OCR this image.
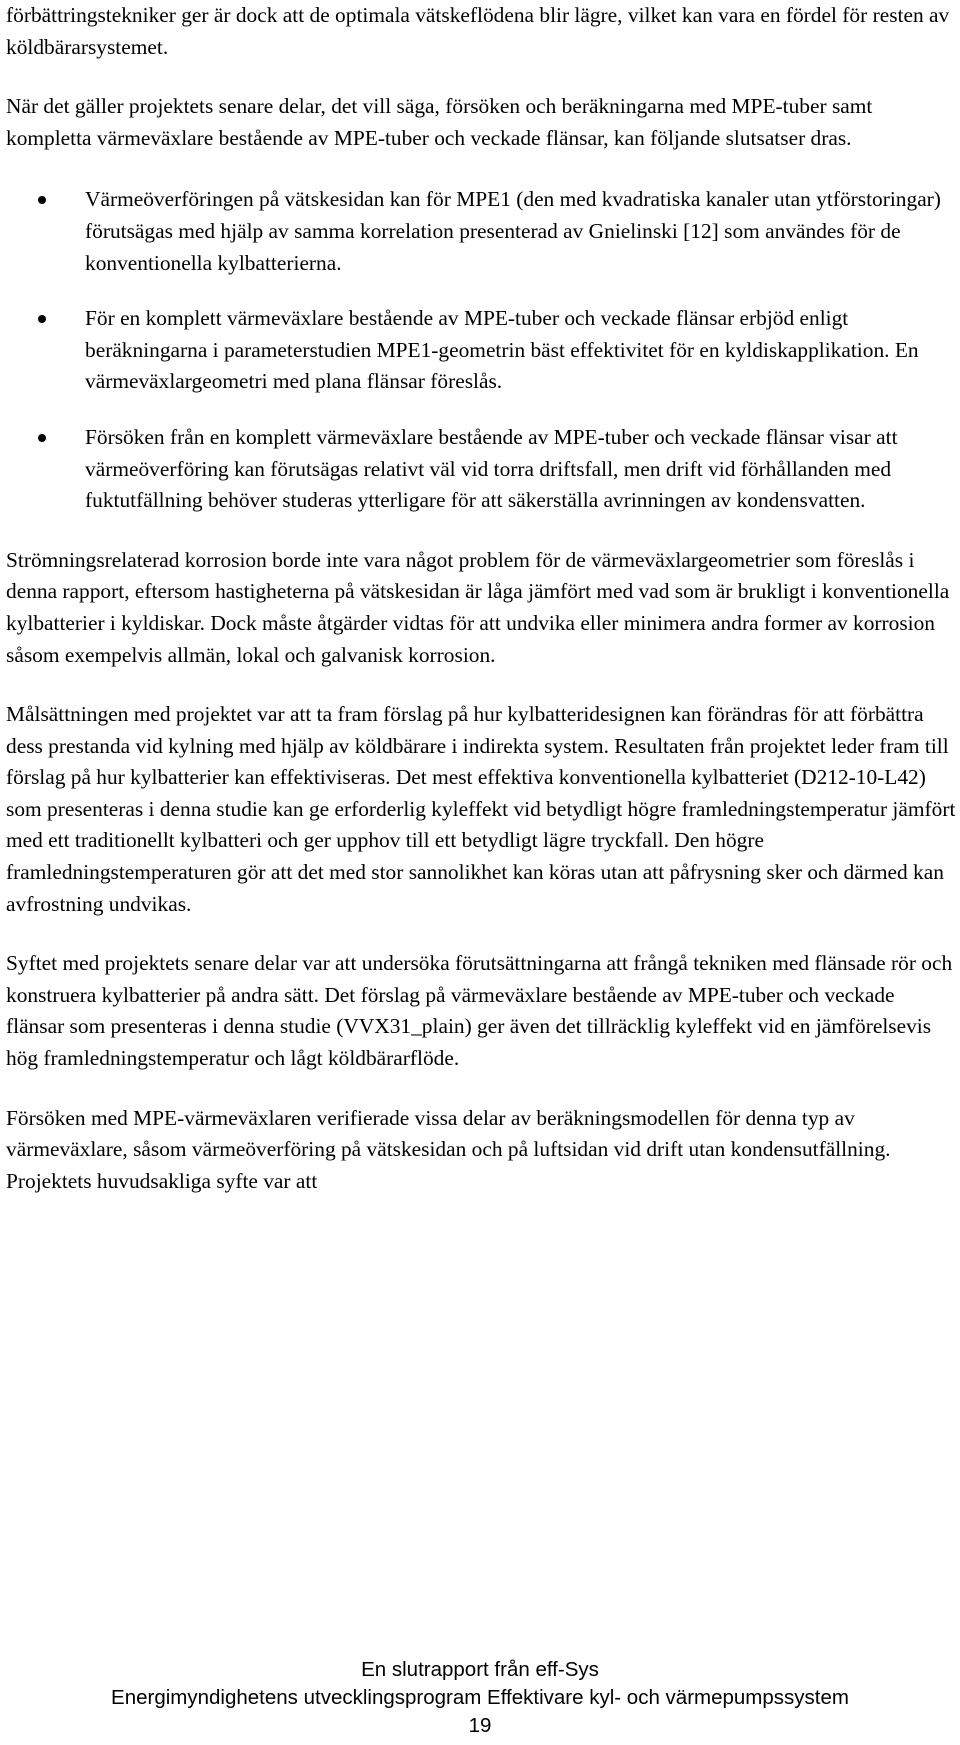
förbättringstekniker ger är dock att de optimala vätskeflödena blir lägre, vilket kan vara en fördel för resten av köldbärarsystemet.

När det gäller projektets senare delar, det vill säga, försöken och beräkningarna med MPE-tuber samt kompletta värmeväxlare bestående av MPE-tuber och veckade flänsar, kan följande slutsatser dras.

Värmeöverföringen på vätskesidan kan för MPE1 (den med kvadratiska kanaler utan ytförstoringar) förutsägas med hjälp av samma korrelation presenterad av Gnielinski [12] som användes för de konventionella kylbatterierna.
För en komplett värmeväxlare bestående av MPE-tuber och veckade flänsar erbjöd enligt beräkningarna i parameterstudien MPE1-geometrin bäst effektivitet för en kyldiskapplikation. En värmeväxlargeometri med plana flänsar föreslås.
Försöken från en komplett värmeväxlare bestående av MPE-tuber och veckade flänsar visar att värmeöverföring kan förutsägas relativt väl vid torra driftsfall, men drift vid förhållanden med fuktutfällning behöver studeras ytterligare för att säkerställa avrinningen av kondensvatten.

Strömningsrelaterad korrosion borde inte vara något problem för de värmeväxlargeometrier som föreslås i denna rapport, eftersom hastigheterna på vätskesidan är låga jämfört med vad som är brukligt i konventionella kylbatterier i kyldiskar. Dock måste åtgärder vidtas för att undvika eller minimera andra former av korrosion såsom exempelvis allmän, lokal och galvanisk korrosion.

Målsättningen med projektet var att ta fram förslag på hur kylbatteridesignen kan förändras för att förbättra dess prestanda vid kylning med hjälp av köldbärare i indirekta system. Resultaten från projektet leder fram till förslag på hur kylbatterier kan effektiviseras. Det mest effektiva konventionella kylbatteriet (D212-10-L42) som presenteras i denna studie kan ge erforderlig kyleffekt vid betydligt högre framledningstemperatur jämfört med ett traditionellt kylbatteri och ger upphov till ett betydligt lägre tryckfall. Den högre framledningstemperaturen gör att det med stor sannolikhet kan köras utan att påfrysning sker och därmed kan avfrostning undvikas.

Syftet med projektets senare delar var att undersöka förutsättningarna att frångå tekniken med flänsade rör och konstruera kylbatterier på andra sätt. Det förslag på värmeväxlare bestående av MPE-tuber och veckade flänsar som presenteras i denna studie (VVX31_plain) ger även det tillräcklig kyleffekt vid en jämförelsevis hög framledningstemperatur och lågt köldbärarflöde.

Försöken med MPE-värmeväxlaren verifierade vissa delar av beräkningsmodellen för denna typ av värmeväxlare, såsom värmeöverföring på vätskesidan och på luftsidan vid drift utan kondensutfällning. Projektets huvudsakliga syfte var att

En slutrapport från eff-Sys
Energimyndighetens utvecklingsprogram Effektivare kyl- och värmepumpssystem
19
